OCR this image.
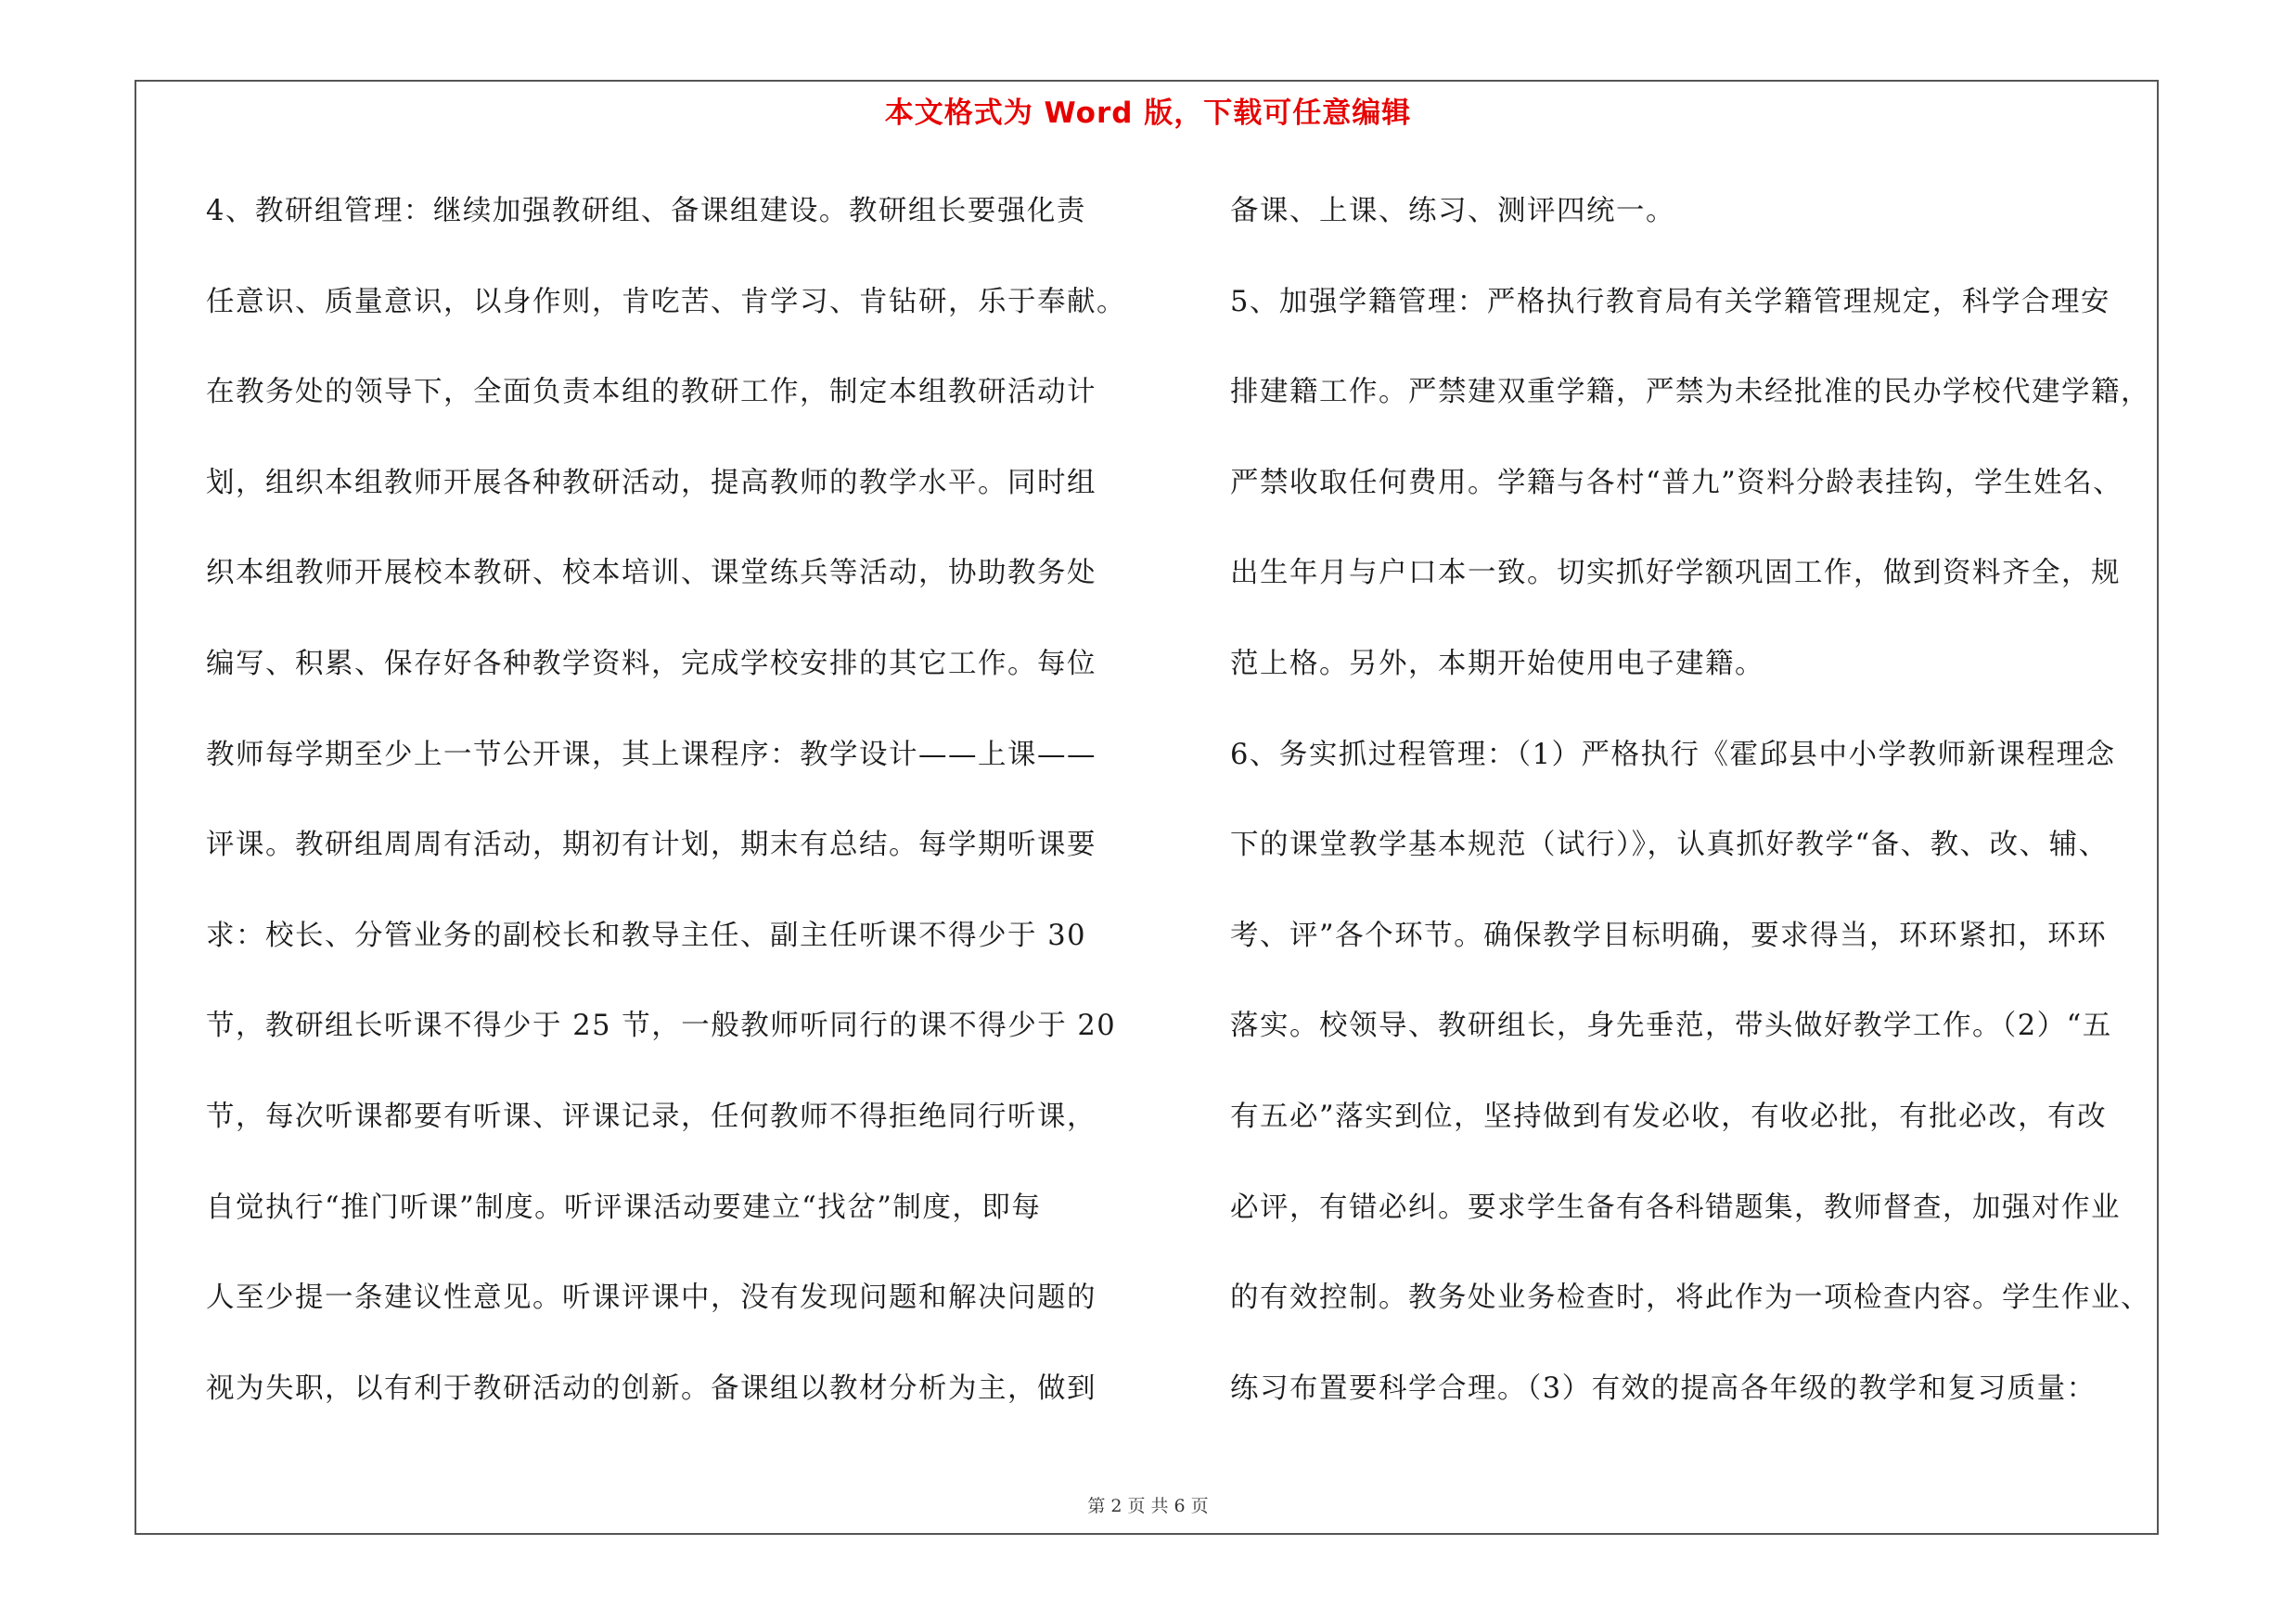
本文格式为 Word 版，下载可任意编辑
4、教研组管理：继续加强教研组、备课组建设。教研组长要强化责
任意识、质量意识，以身作则，肯吃苦、肯学习、肯钻研，乐于奉献。
在教务处的领导下，全面负责本组的教研工作，制定本组教研活动计
划，组织本组教师开展各种教研活动，提高教师的教学水平。同时组
织本组教师开展校本教研、校本培训、课堂练兵等活动，协助教务处
编写、积累、保存好各种教学资料，完成学校安排的其它工作。每位
教师每学期至少上一节公开课，其上课程序：教学设计——上课——
评课。教研组周周有活动，期初有计划，期末有总结。每学期听课要
求：校长、分管业务的副校长和教导主任、副主任听课不得少于 30
节，教研组长听课不得少于 25 节，一般教师听同行的课不得少于 20
节，每次听课都要有听课、评课记录，任何教师不得拒绝同行听课，
自觉执行“推门听课”制度。听评课活动要建立“找岔”制度，即每
人至少提一条建议性意见。听课评课中，没有发现问题和解决问题的
视为失职，以有利于教研活动的创新。备课组以教材分析为主，做到
备课、上课、练习、测评四统一。
5、加强学籍管理：严格执行教育局有关学籍管理规定，科学合理安
排建籍工作。严禁建双重学籍，严禁为未经批准的民办学校代建学籍，
严禁收取任何费用。学籍与各村“普九”资料分龄表挂钩，学生姓名、
出生年月与户口本一致。切实抓好学额巩固工作，做到资料齐全，规
范上格。另外，本期开始使用电子建籍。
6、务实抓过程管理：（1）严格执行《霍邱县中小学教师新课程理念
下的课堂教学基本规范（试行）》，认真抓好教学“备、教、改、辅、
考、评”各个环节。确保教学目标明确，要求得当，环环紧扣，环环
落实。校领导、教研组长，身先垂范，带头做好教学工作。（2）“五
有五必”落实到位，坚持做到有发必收，有收必批，有批必改，有改
必评，有错必纠。要求学生备有各科错题集，教师督查，加强对作业
的有效控制。教务处业务检查时，将此作为一项检查内容。学生作业、
练习布置要科学合理。（3）有效的提高各年级的教学和复习质量：
第 2 页 共 6 页
